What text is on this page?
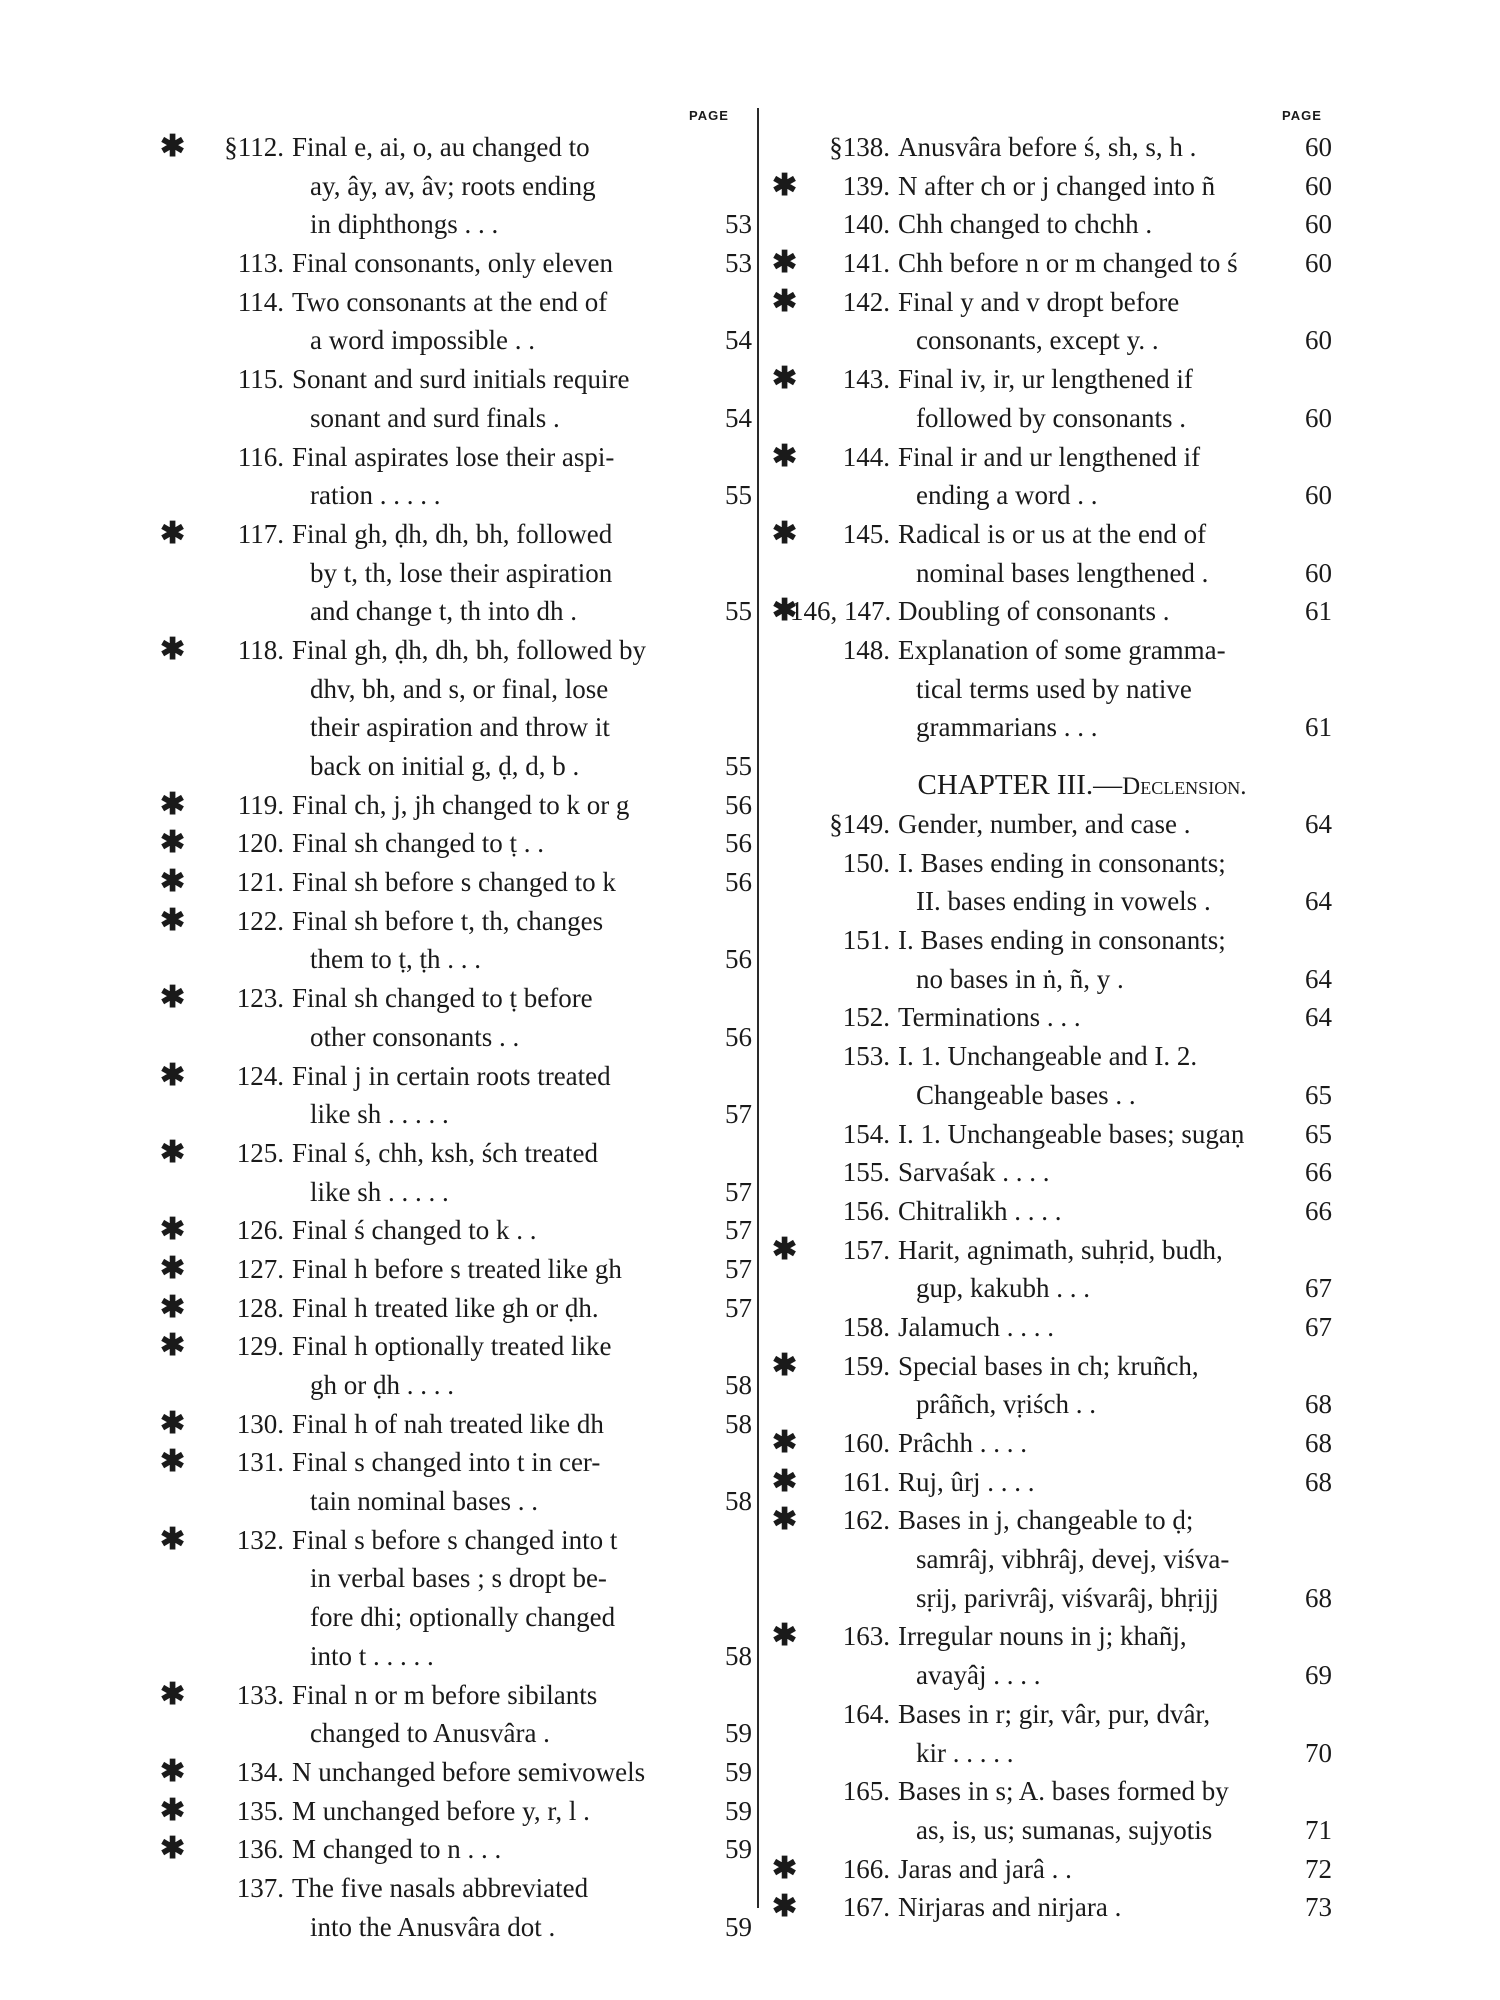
PAGE	PAGE
✱	§112. Final e, ai, o, au changed to
ay, ây, av, âv; roots ending
in diphthongs . . .	53
113. Final consonants, only eleven	53
114. Two consonants at the end of
a word impossible . .	54
115. Sonant and surd initials require
sonant and surd finals .	54
116. Final aspirates lose their aspi-
ration . . . . .	55
✱	117. Final gh, ḍh, dh, bh, followed
by t, th, lose their aspiration
and change t, th into dh .	55
✱	118. Final gh, ḍh, dh, bh, followed by
dhv, bh, and s, or final, lose
their aspiration and throw it
back on initial g, ḍ, d, b .	55
✱	119. Final ch, j, jh changed to k or g	56
✱	120. Final sh changed to ṭ . .	56
✱	121. Final sh before s changed to k	56
✱	122. Final sh before t, th, changes
them to ṭ, ṭh . . .	56
✱	123. Final sh changed to ṭ before
other consonants . .	56
✱	124. Final j in certain roots treated
like sh . . . . .	57
✱	125. Final ś, chh, ksh, śch treated
like sh . . . . .	57
✱	126. Final ś changed to k . .	57
✱	127. Final h before s treated like gh	57
✱	128. Final h treated like gh or ḍh.	57
✱	129. Final h optionally treated like
gh or ḍh . . . .	58
✱	130. Final h of nah treated like dh	58
✱	131. Final s changed into t in cer-
tain nominal bases . .	58
✱	132. Final s before s changed into t
in verbal bases ; s dropt be-
fore dhi; optionally changed
into t . . . . .	58
✱	133. Final n or m before sibilants
changed to Anusvâra .	59
✱	134. N unchanged before semivowels	59
✱	135. M unchanged before y, r, l .	59
✱	136. M changed to n . . .	59
137. The five nasals abbreviated
into the Anusvâra dot .	59
§138. Anusvâra before ś, sh, s, h .	60
✱	139. N after ch or j changed into ñ	60
140. Chh changed to chchh .	60
✱	141. Chh before n or m changed to ś	60
✱	142. Final y and v dropt before
consonants, except y. .	60
✱	143. Final iv, ir, ur lengthened if
followed by consonants .	60
✱	144. Final ir and ur lengthened if
ending a word . .	60
✱	145. Radical is or us at the end of
nominal bases lengthened .	60
✱
146, 147. Doubling of consonants .	61
148. Explanation of some gramma-
tical terms used by native
grammarians . . .	61
CHAPTER III.—Declension.
§149. Gender, number, and case .	64
150. I. Bases ending in consonants;
II. bases ending in vowels .	64
151. I. Bases ending in consonants;
no bases in ṅ, ñ, y .	64
152. Terminations . . .	64
153. I. 1. Unchangeable and I. 2.
Changeable bases . .	65
154. I. 1. Unchangeable bases; sugaṇ	65
155. Sarvaśak . . . .	66
156. Chitralikh . . . .	66
✱	157. Harit, agnimath, suhṛid, budh,
gup, kakubh . . .	67
158. Jalamuch . . . .	67
✱	159. Special bases in ch; kruñch,
prâñch, vṛiśch . .	68
✱	160. Prâchh . . . .	68
✱	161. Ruj, ûrj . . . .	68
✱	162. Bases in j, changeable to ḍ;
samrâj, vibhrâj, devej, viśva-
sṛij, parivrâj, viśvarâj, bhṛijj	68
✱	163. Irregular nouns in j; khañj,
avayâj . . . .	69
164. Bases in r; gir, vâr, pur, dvâr,
kir . . . . .	70
165. Bases in s; A. bases formed by
as, is, us; sumanas, sujyotis	71
✱	166. Jaras and jarâ . .	72
✱	167. Nirjaras and nirjara .	73
